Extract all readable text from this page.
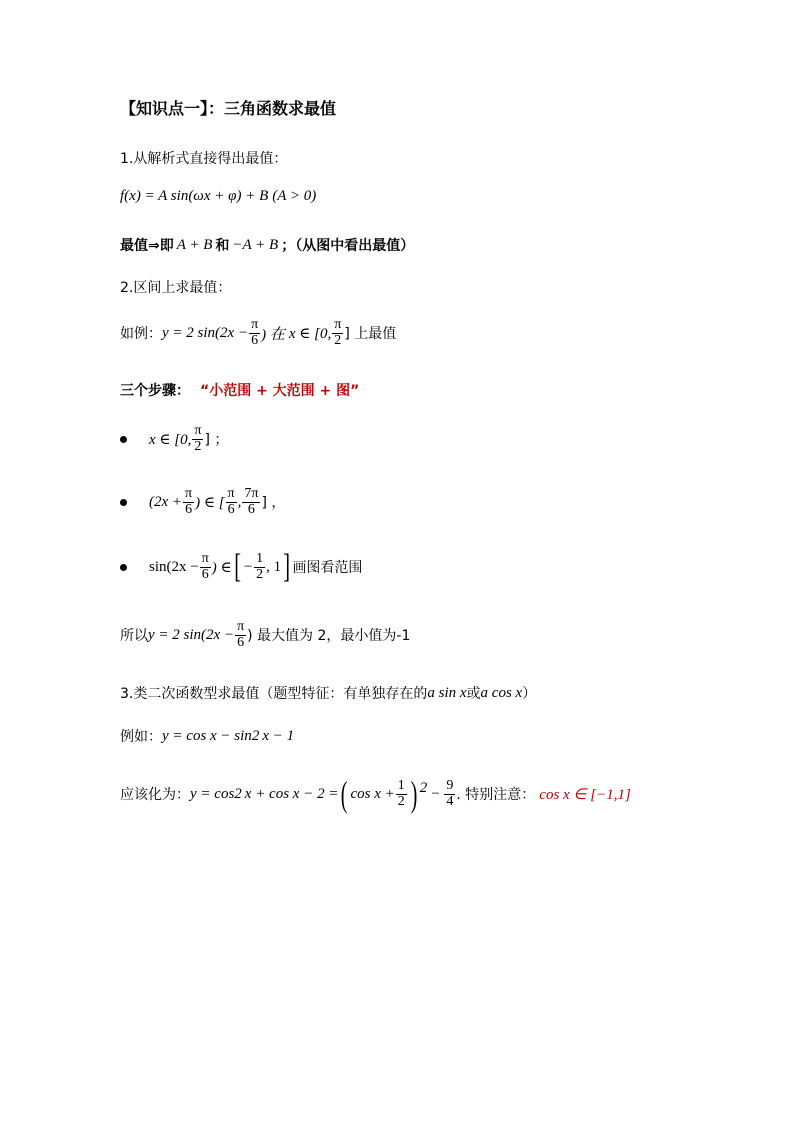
【知识点一】：三角函数求最值
1.从解析式直接得出最值：
f(x) = A sin(ωx + φ) + B (A > 0)
最值⇒即 A + B 和 −A + B ；（从图中看出最值）
2.区间上求最值：
如例： y = 2 $\sin(2x - \frac{\pi}{6}$ ) 在 x ∈ [0, $\frac{\pi}{2}$ ] 上最值
三个步骤： “小范围 + 大范围 + 图”
x ∈ [0, $\frac{\pi}{2}$ ] ；
($2x + \frac{\pi}{6}$ ) ∈ [ $\frac{\pi}{6}$ , $\frac{7\pi}{6}$ ] ，
$\sin(2x - \frac{\pi}{6}$ ) ∈ [ − $\frac{1}{2}$ , 1 ] 画图看范围
所以 y = 2 $\sin(2x - \frac{\pi}{6}$ ) 最大值为 2，最小值为-1
3.类二次函数型求最值（题型特征：有单独存在的 a sin x 或 a cos x ）
例如： y = cos x − sin 2 x − 1
应该化为： y = cos 2 x + cos x − 2 = ( $\cos x + \frac{1}{2}$ ) $2 - \frac{9}{4}$ . 特别注意： cos x ∈ [−1,1]
